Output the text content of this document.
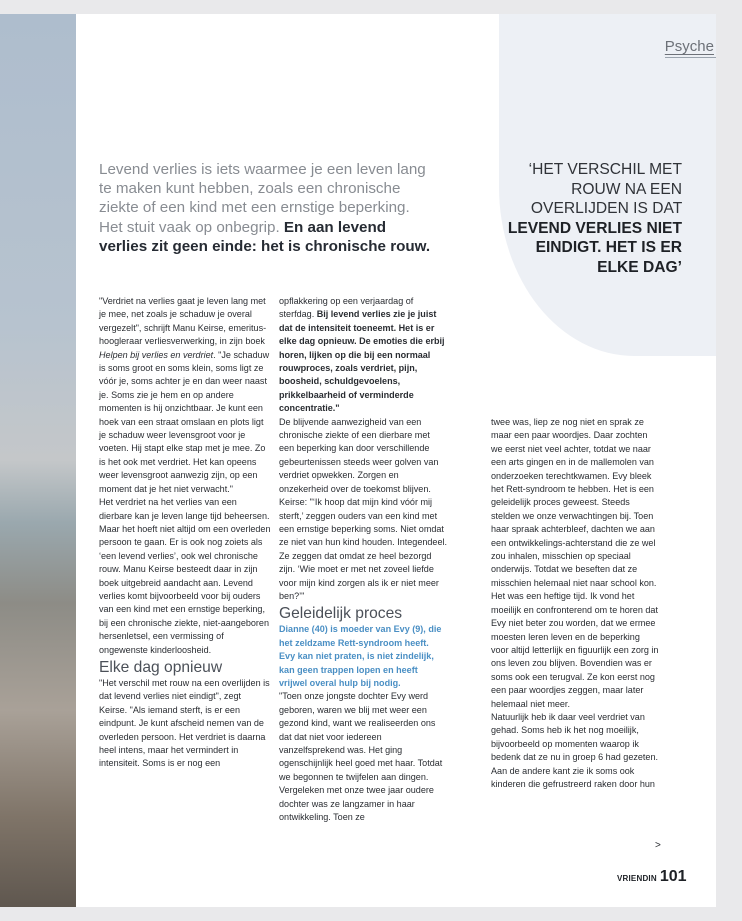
Psyche
Levend verlies is iets waarmee je een leven lang te maken kunt hebben, zoals een chronische ziekte of een kind met een ernstige beperking. Het stuit vaak op onbegrip. En aan levend verlies zit geen einde: het is chronische rouw.
‘HET VERSCHIL MET ROUW NA EEN OVERLIJDEN IS DAT LEVEND VERLIES NIET EINDIGT. HET IS ER ELKE DAG’

"Verdriet na verlies gaat je leven lang met je mee, net zoals je schaduw je overal vergezelt", schrijft Manu Keirse, emeritus-hoogleraar verliesverwerking, in zijn boek Helpen bij verlies en verdriet. "Je schaduw is soms groot en soms klein, soms ligt ze vóór je, soms achter je en dan weer naast je. Soms zie je hem en op andere momenten is hij onzichtbaar. Je kunt een hoek van een straat omslaan en plots ligt je schaduw weer levensgroot voor je voeten. Hij stapt elke stap met je mee. Zo is het ook met verdriet. Het kan opeens weer levensgroot aanwezig zijn, op een moment dat je het niet verwacht."

Het verdriet na het verlies van een dierbare kan je leven lange tijd beheersen. Maar het hoeft niet altijd om een overleden persoon te gaan. Er is ook nog zoiets als ‘een levend verlies’, ook wel chronische rouw. Manu Keirse besteedt daar in zijn boek uitgebreid aandacht aan. Levend verlies komt bijvoorbeeld voor bij ouders van een kind met een ernstige beperking, bij een chronische ziekte, niet-aangeboren hersenletsel, een vermissing of ongewenste kinderloosheid.

Elke dag opnieuw

"Het verschil met rouw na een overlijden is dat levend verlies niet eindigt", zegt Keirse. "Als iemand sterft, is er een eindpunt. Je kunt afscheid nemen van de overleden persoon. Het verdriet is daarna heel intens, maar het vermindert in intensiteit. Soms is er nog een

opflakkering op een verjaardag of sterfdag. Bij levend verlies zie je juist dat de intensiteit toeneemt. Het is er elke dag opnieuw. De emoties die erbij horen, lijken op die bij een normaal rouwproces, zoals verdriet, pijn, boosheid, schuldgevoelens, prikkelbaarheid of verminderde concentratie."

De blijvende aanwezigheid van een chronische ziekte of een dierbare met een beperking kan door verschillende gebeurtenissen steeds weer golven van verdriet opwekken. Zorgen en onzekerheid over de toekomst blijven. Keirse: "‘Ik hoop dat mijn kind vóór mij sterft,’ zeggen ouders van een kind met een ernstige beperking soms. Niet omdat ze niet van hun kind houden. Integendeel. Ze zeggen dat omdat ze heel bezorgd zijn. ‘Wie moet er met net zoveel liefde voor mijn kind zorgen als ik er niet meer ben?’"

Geleidelijk proces

Dianne (40) is moeder van Evy (9), die het zeldzame Rett-syndroom heeft. Evy kan niet praten, is niet zindelijk, kan geen trappen lopen en heeft vrijwel overal hulp bij nodig.

"Toen onze jongste dochter Evy werd geboren, waren we blij met weer een gezond kind, want we realiseerden ons dat dat niet voor iedereen vanzelfsprekend was. Het ging ogenschijnlijk heel goed met haar. Totdat we begonnen te twijfelen aan dingen. Vergeleken met onze twee jaar oudere dochter was ze langzamer in haar ontwikkeling. Toen ze

twee was, liep ze nog niet en sprak ze maar een paar woordjes. Daar zochten we eerst niet veel achter, totdat we naar een arts gingen en in de mallemolen van onderzoeken terechtkwamen. Evy bleek het Rett-syndroom te hebben. Het is een geleidelijk proces geweest. Steeds stelden we onze verwachtingen bij. Toen haar spraak achterbleef, dachten we aan een ontwikkelings-achterstand die ze wel zou inhalen, misschien op speciaal onderwijs. Totdat we beseften dat ze misschien helemaal niet naar school kon. Het was een heftige tijd. Ik vond het moeilijk en confronterend om te horen dat Evy niet beter zou worden, dat we ermee moesten leren leven en de beperking voor altijd letterlijk en figuurlijk een zorg in ons leven zou blijven. Bovendien was er soms ook een terugval. Ze kon eerst nog een paar woordjes zeggen, maar later helemaal niet meer.

Natuurlijk heb ik daar veel verdriet van gehad. Soms heb ik het nog moeilijk, bijvoorbeeld op momenten waarop ik bedenk dat ze nu in groep 6 had gezeten. Aan de andere kant zie ik soms ook kinderen die gefrustreerd raken door hun

>
VRIENDIN 101
